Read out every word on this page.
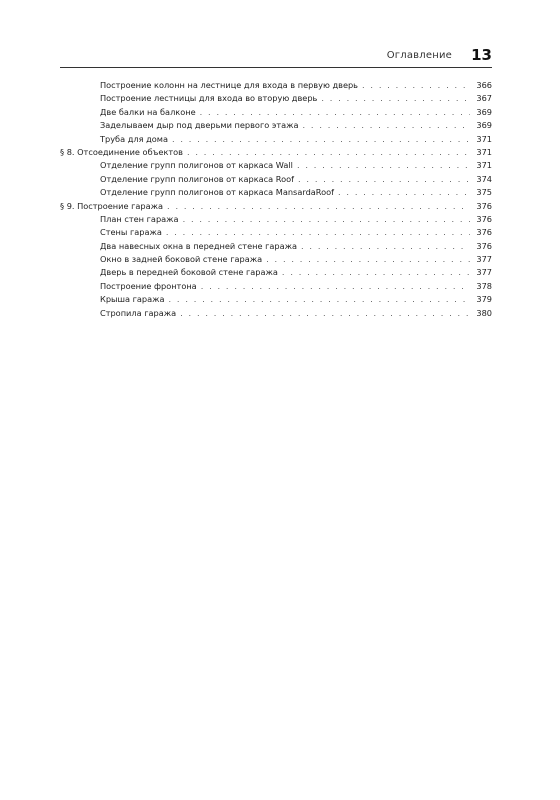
Оглавление 13
Построение колонн на лестнице для входа в первую дверь . . .	366
Построение лестницы для входа во вторую дверь . . .	367
Две балки на балконе . . .	369
Заделываем дыр под дверьми первого этажа . . .	369
Труба для дома . . .	371
§ 8. Отсоединение объектов . . .	371
Отделение групп полигонов от каркаса Wall . . .	371
Отделение групп полигонов от каркаса Roof . . .	374
Отделение групп полигонов от каркаса MansardaRoof . . .	375
§ 9. Построение гаража . . .	376
План стен гаража . . .	376
Стены гаража . . .	376
Два навесных окна в передней стене гаража . . .	376
Окно в задней боковой стене гаража . . .	377
Дверь в передней боковой стене гаража . . .	377
Построение фронтона . . .	378
Крыша гаража . . .	379
Стропила гаража . . .	380
